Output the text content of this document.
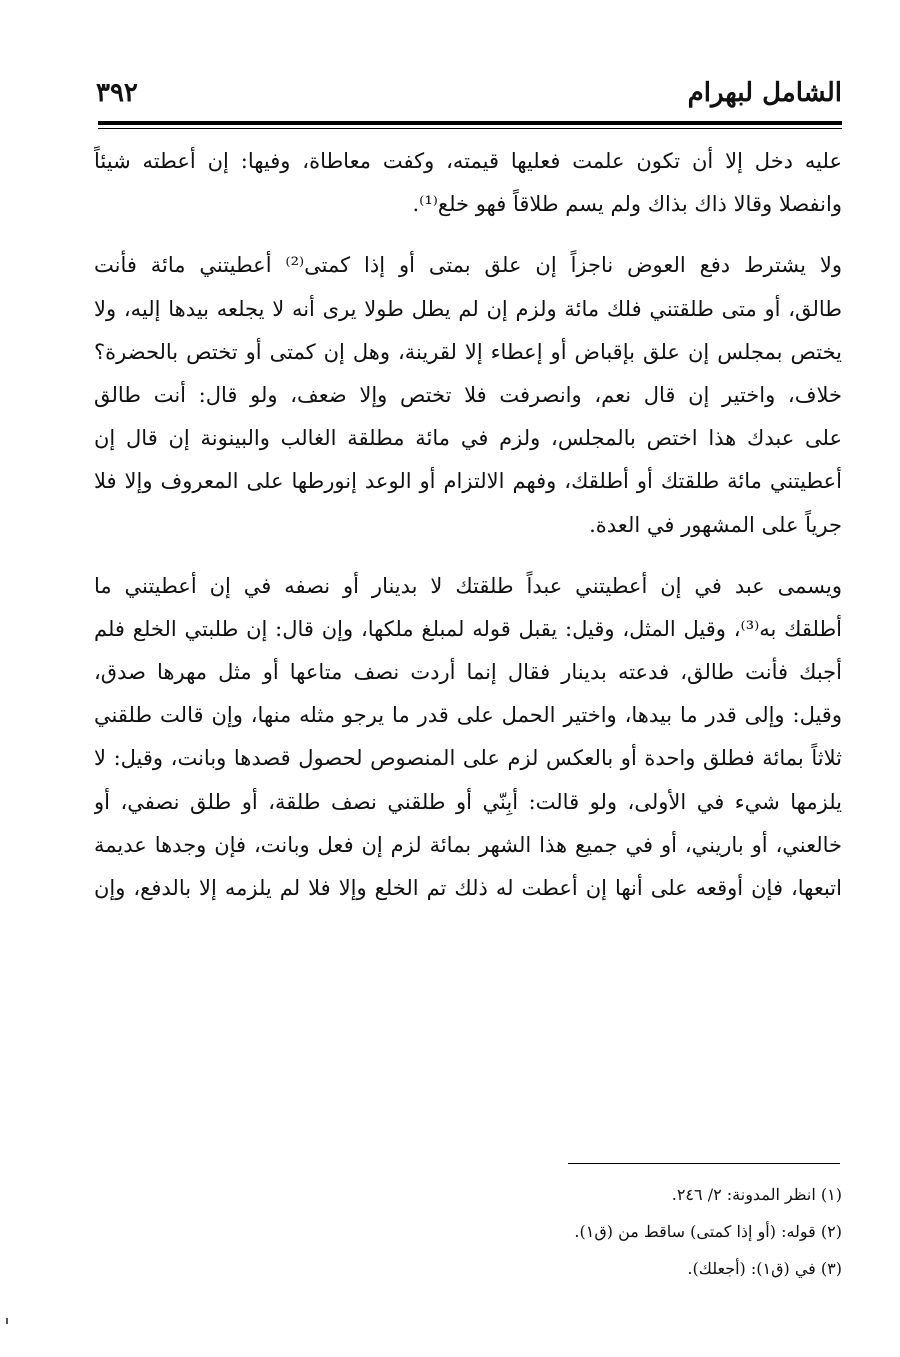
الشامل لبهرام
٣٩٢
عليه دخل إلا أن تكون علمت فعليها قيمته، وكفت معاطاة، وفيها: إن أعطته شيئاً
وانفصلا وقالا ذاك بذاك ولم يسم طلاقاً فهو خلع⁽¹⁾.
ولا يشترط دفع العوض ناجزاً إن علق بمتى أو إذا كمتى⁽²⁾ أعطيتني مائة فأنت
طالق، أو متى طلقتني فلك مائة ولزم إن لم يطل طولا يرى أنه لا يجلعه بيدها إليه، ولا
يختص بمجلس إن علق بإقباض أو إعطاء إلا لقرينة، وهل إن كمتى أو تختص بالحضرة؟
خلاف، واختير إن قال نعم، وانصرفت فلا تختص وإلا ضعف، ولو قال: أنت طالق
على عبدك هذا اختص بالمجلس، ولزم في مائة مطلقة الغالب والبينونة إن قال إن
أعطيتني مائة طلقتك أو أطلقك، وفهم الالتزام أو الوعد إنورطها على المعروف وإلا فلا
جرياً على المشهور في العدة.
ويسمى عبد في إن أعطيتني عبداً طلقتك لا بدينار أو نصفه في إن أعطيتني ما
أطلقك به⁽³⁾، وقيل المثل، وقيل: يقبل قوله لمبلغ ملكها، وإن قال: إن طلبتي الخلع فلم
أجبك فأنت طالق، فدعته بدينار فقال إنما أردت نصف متاعها أو مثل مهرها صدق،
وقيل: وإلى قدر ما بيدها، واختير الحمل على قدر ما يرجو مثله منها، وإن قالت طلقني
ثلاثاً بمائة فطلق واحدة أو بالعكس لزم على المنصوص لحصول قصدها وبانت، وقيل: لا
يلزمها شيء في الأولى، ولو قالت: أبِنّي أو طلقني نصف طلقة، أو طلق نصفي، أو
خالعني، أو باريني، أو في جميع هذا الشهر بمائة لزم إن فعل وبانت، فإن وجدها عديمة
اتبعها، فإن أوقعه على أنها إن أعطت له ذلك تم الخلع وإلا فلا لم يلزمه إلا بالدفع، وإن
(١) انظر المدونة: ٢/ ٢٤٦.
(٢) قوله: (أو إذا كمتى) ساقط من (ق١).
(٣) في (ق١): (أجعلك).
